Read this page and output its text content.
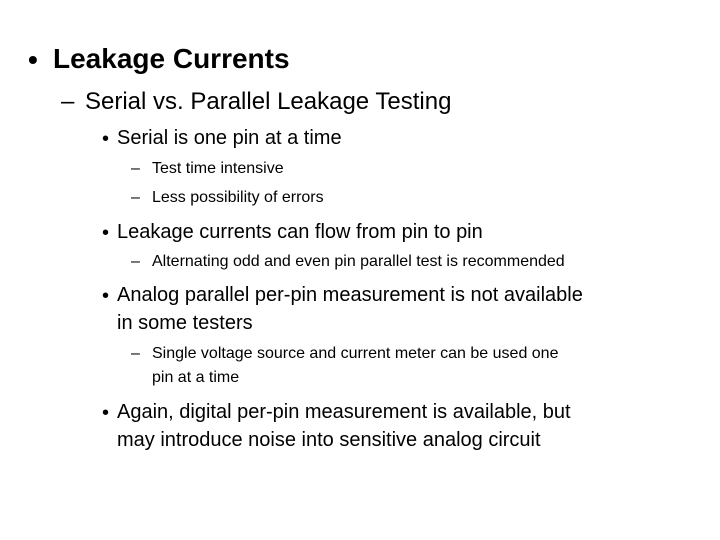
• Leakage Currents
– Serial vs. Parallel Leakage Testing
• Serial is one pin at a time
– Test time intensive
– Less possibility of errors
• Leakage currents can flow from pin to pin
– Alternating odd and even pin parallel test is recommended
• Analog parallel per-pin measurement is not available
in some testers
– Single voltage source and current meter can be used one
pin at a time
• Again, digital per-pin measurement is available, but
may introduce noise into sensitive analog circuit
